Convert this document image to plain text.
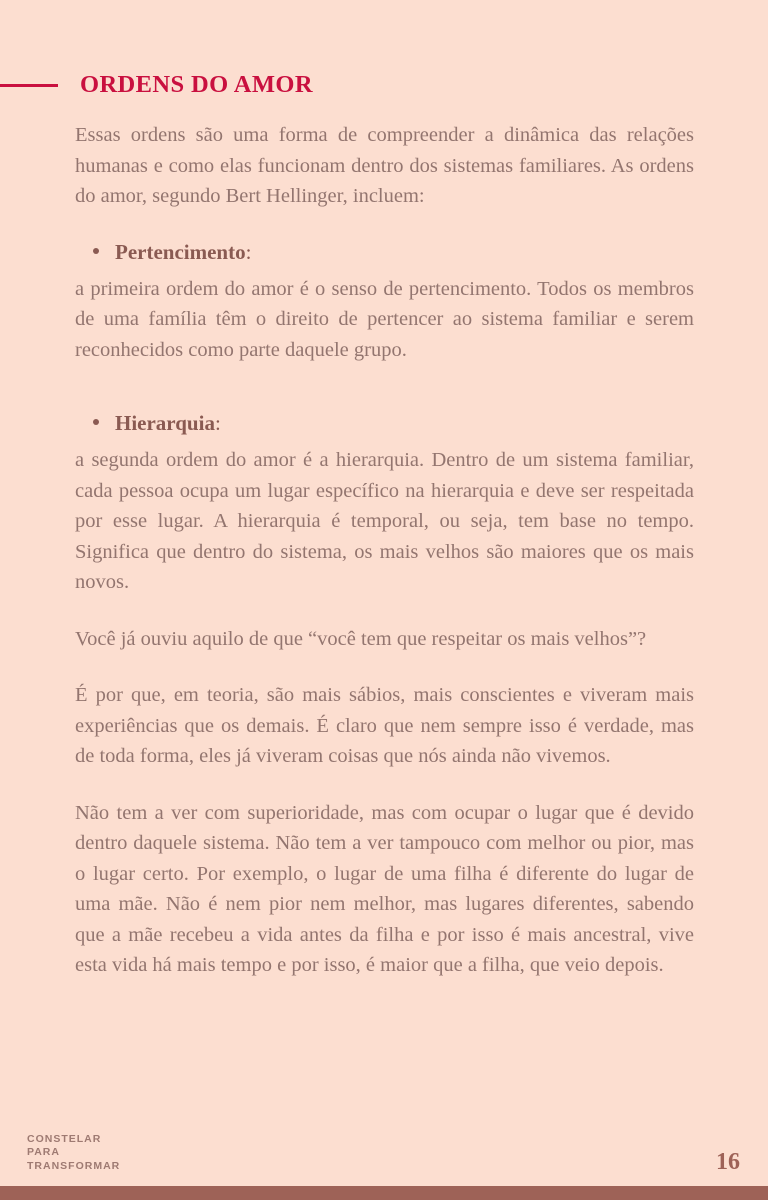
ORDENS DO AMOR

Essas ordens são uma forma de compreender a dinâmica das relações humanas e como elas funcionam dentro dos sistemas familiares. As ordens do amor, segundo Bert Hellinger, incluem:

Pertencimento :

a primeira ordem do amor é o senso de pertencimento. Todos os membros de uma família têm o direito de pertencer ao sistema familiar e serem reconhecidos como parte daquele grupo.

Hierarquia :

a segunda ordem do amor é a hierarquia. Dentro de um sistema familiar, cada pessoa ocupa um lugar específico na hierarquia e deve ser respeitada por esse lugar. A hierarquia é temporal, ou seja, tem base no tempo. Significa que dentro do sistema, os mais velhos são maiores que os mais novos.

Você já ouviu aquilo de que “você tem que respeitar os mais velhos”?

É por que, em teoria, são mais sábios, mais conscientes e viveram mais experiências que os demais. É claro que nem sempre isso é verdade, mas de toda forma, eles já viveram coisas que nós ainda não vivemos.

Não tem a ver com superioridade, mas com ocupar o lugar que é devido dentro daquele sistema. Não tem a ver tampouco com melhor ou pior, mas o lugar certo. Por exemplo, o lugar de uma filha é diferente do lugar de uma mãe. Não é nem pior nem melhor, mas lugares diferentes, sabendo que a mãe recebeu a vida antes da filha e por isso é mais ancestral, vive esta vida há mais tempo e por isso, é maior que a filha, que veio depois.

CONSTELAR
PARA
TRANSFORMAR	16
